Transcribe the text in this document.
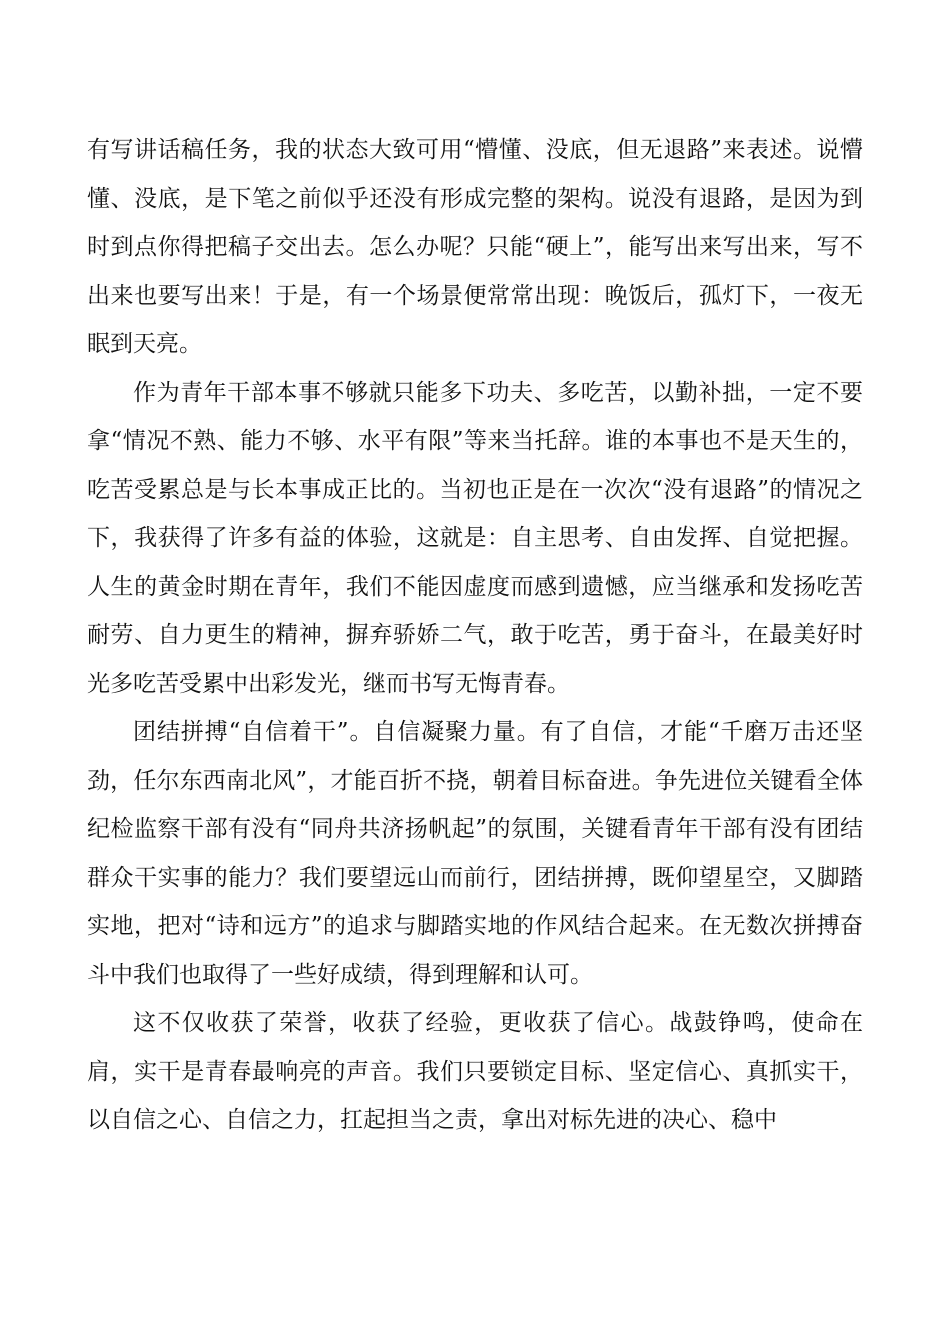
有写讲话稿任务，我的状态大致可用“懵懂、没底，但无退路”来表述。说懵懂、没底，是下笔之前似乎还没有形成完整的架构。说没有退路，是因为到时到点你得把稿子交出去。怎么办呢？只能“硬上”，能写出来写出来，写不出来也要写出来！于是，有一个场景便常常出现：晚饭后，孤灯下，一夜无眠到天亮。

作为青年干部本事不够就只能多下功夫、多吃苦，以勤补拙，一定不要拿“情况不熟、能力不够、水平有限”等来当托辞。谁的本事也不是天生的，吃苦受累总是与长本事成正比的。当初也正是在一次次“没有退路”的情况之下，我获得了许多有益的体验，这就是：自主思考、自由发挥、自觉把握。人生的黄金时期在青年，我们不能因虚度而感到遗憾，应当继承和发扬吃苦耐劳、自力更生的精神，摒弃骄娇二气，敢于吃苦，勇于奋斗，在最美好时光多吃苦受累中出彩发光，继而书写无悔青春。

团结拼搏“自信着干”。自信凝聚力量。有了自信，才能“千磨万击还坚劲，任尔东西南北风”，才能百折不挠，朝着目标奋进。争先进位关键看全体纪检监察干部有没有“同舟共济扬帆起”的氛围，关键看青年干部有没有团结群众干实事的能力？我们要望远山而前行，团结拼搏，既仰望星空，又脚踏实地，把对“诗和远方”的追求与脚踏实地的作风结合起来。在无数次拼搏奋斗中我们也取得了一些好成绩，得到理解和认可。

这不仅收获了荣誉，收获了经验，更收获了信心。战鼓铮鸣，使命在肩，实干是青春最响亮的声音。我们只要锁定目标、坚定信心、真抓实干，以自信之心、自信之力，扛起担当之责，拿出对标先进的决心、稳中
